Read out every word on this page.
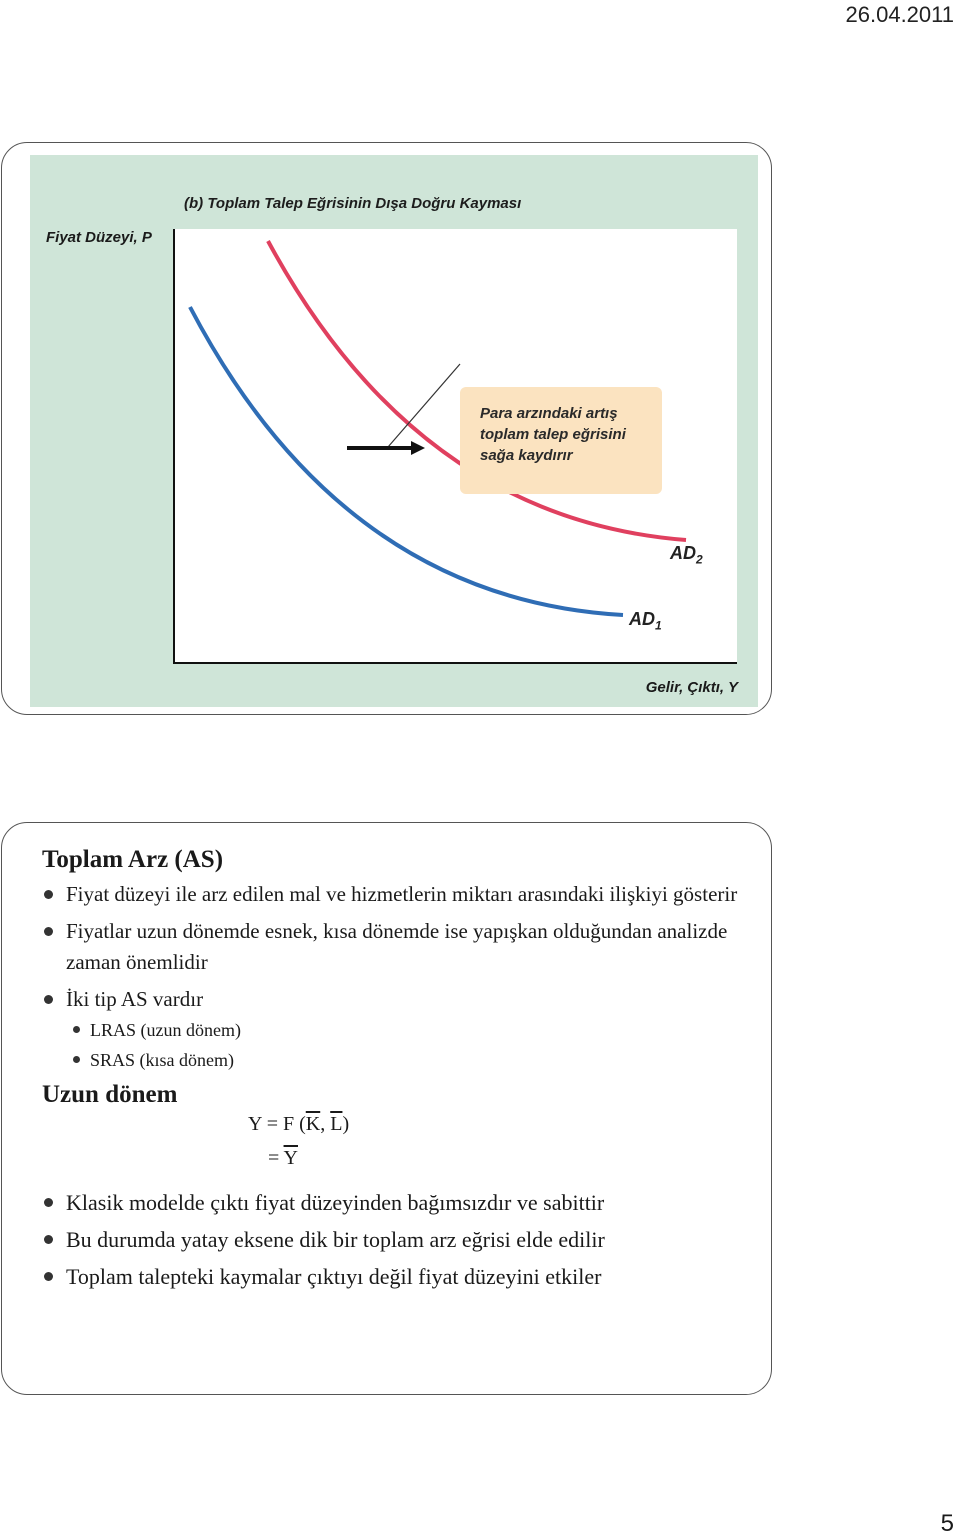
26.04.2011
(b) Toplam Talep Eğrisinin Dışa Doğru Kayması
Fiyat Düzeyi, P
Para arzındaki artış
toplam talep eğrisini
sağa kaydırır
$AD_1$
$AD_2$
Gelir, Çıktı, Y
Toplam Arz (AS)
Fiyat düzeyi ile arz edilen mal ve hizmetlerin miktarı arasındaki ilişkiyi gösterir
Fiyatlar uzun dönemde esnek, kısa dönemde ise yapışkan olduğundan analizde zaman önemlidir
İki tip AS vardır
LRAS (uzun dönem)
SRAS (kısa dönem)
Uzun dönem
Y = F ($\overline{K}$, $\overline{L}$)
= $\overline{Y}$
Klasik modelde çıktı fiyat düzeyinden bağımsızdır ve sabittir
Bu durumda yatay eksene dik bir toplam arz eğrisi elde edilir
Toplam talepteki kaymalar çıktıyı değil fiyat düzeyini etkiler
5
